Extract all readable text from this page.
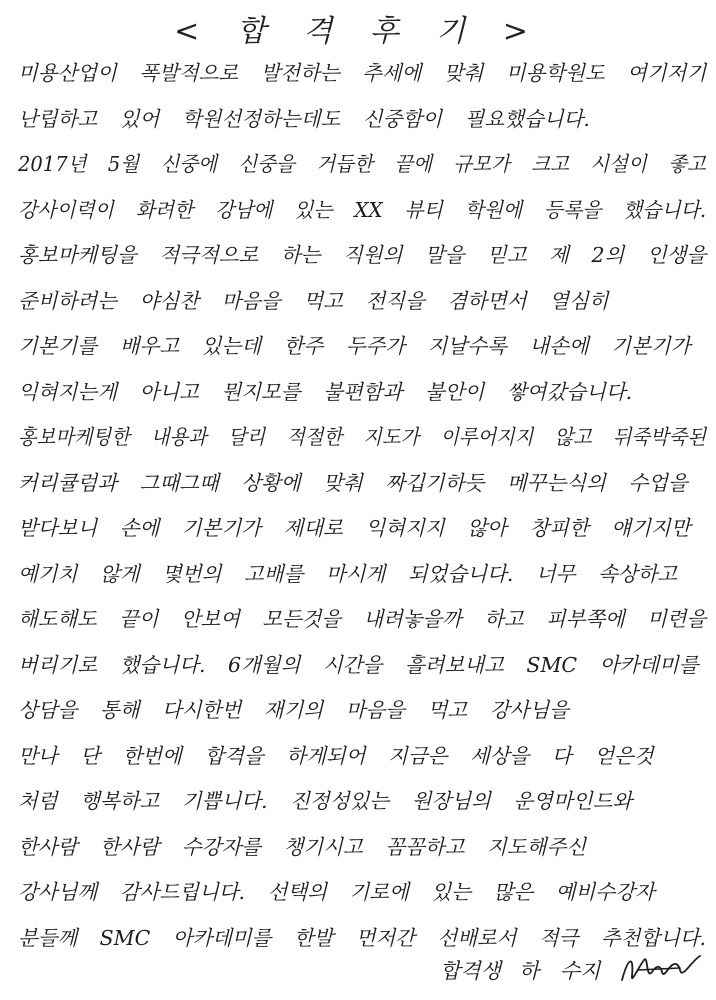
< 합 격 후 기 >
미용산업이 폭발적으로 발전하는 추세에 맞춰 미용학원도 여기저기
난립하고 있어 학원선정하는데도 신중함이 필요했습니다.
2017년 5월 신중에 신중을 거듭한 끝에 규모가 크고 시설이 좋고
강사이력이 화려한 강남에 있는 XX 뷰티 학원에 등록을 했습니다.
홍보마케팅을 적극적으로 하는 직원의 말을 믿고 제 2의 인생을
준비하려는 야심찬 마음을 먹고 전직을 겸하면서 열심히
기본기를 배우고 있는데 한주 두주가 지날수록 내손에 기본기가
익혀지는게 아니고 뭔지모를 불편함과 불안이 쌓여갔습니다.
홍보마케팅한 내용과 달리 적절한 지도가 이루어지지 않고 뒤죽박죽된
커리큘럼과 그때그때 상황에 맞춰 짜깁기하듯 메꾸는식의 수업을
받다보니 손에 기본기가 제대로 익혀지지 않아 창피한 얘기지만
예기치 않게 몇번의 고배를 마시게 되었습니다. 너무 속상하고
해도해도 끝이 안보여 모든것을 내려놓을까 하고 피부쪽에 미련을
버리기로 했습니다. 6개월의 시간을 흘려보내고 SMC 아카데미를
상담을 통해 다시한번 재기의 마음을 먹고 강사님을
만나 단 한번에 합격을 하게되어 지금은 세상을 다 얻은것
처럼 행복하고 기쁩니다. 진정성있는 원장님의 운영마인드와
한사람 한사람 수강자를 챙기시고 꼼꼼하고 지도해주신
강사님께 감사드립니다. 선택의 기로에 있는 많은 예비수강자
분들께 SMC 아카데미를 한발 먼저간 선배로서 적극 추천합니다.
합격생 하 수지
